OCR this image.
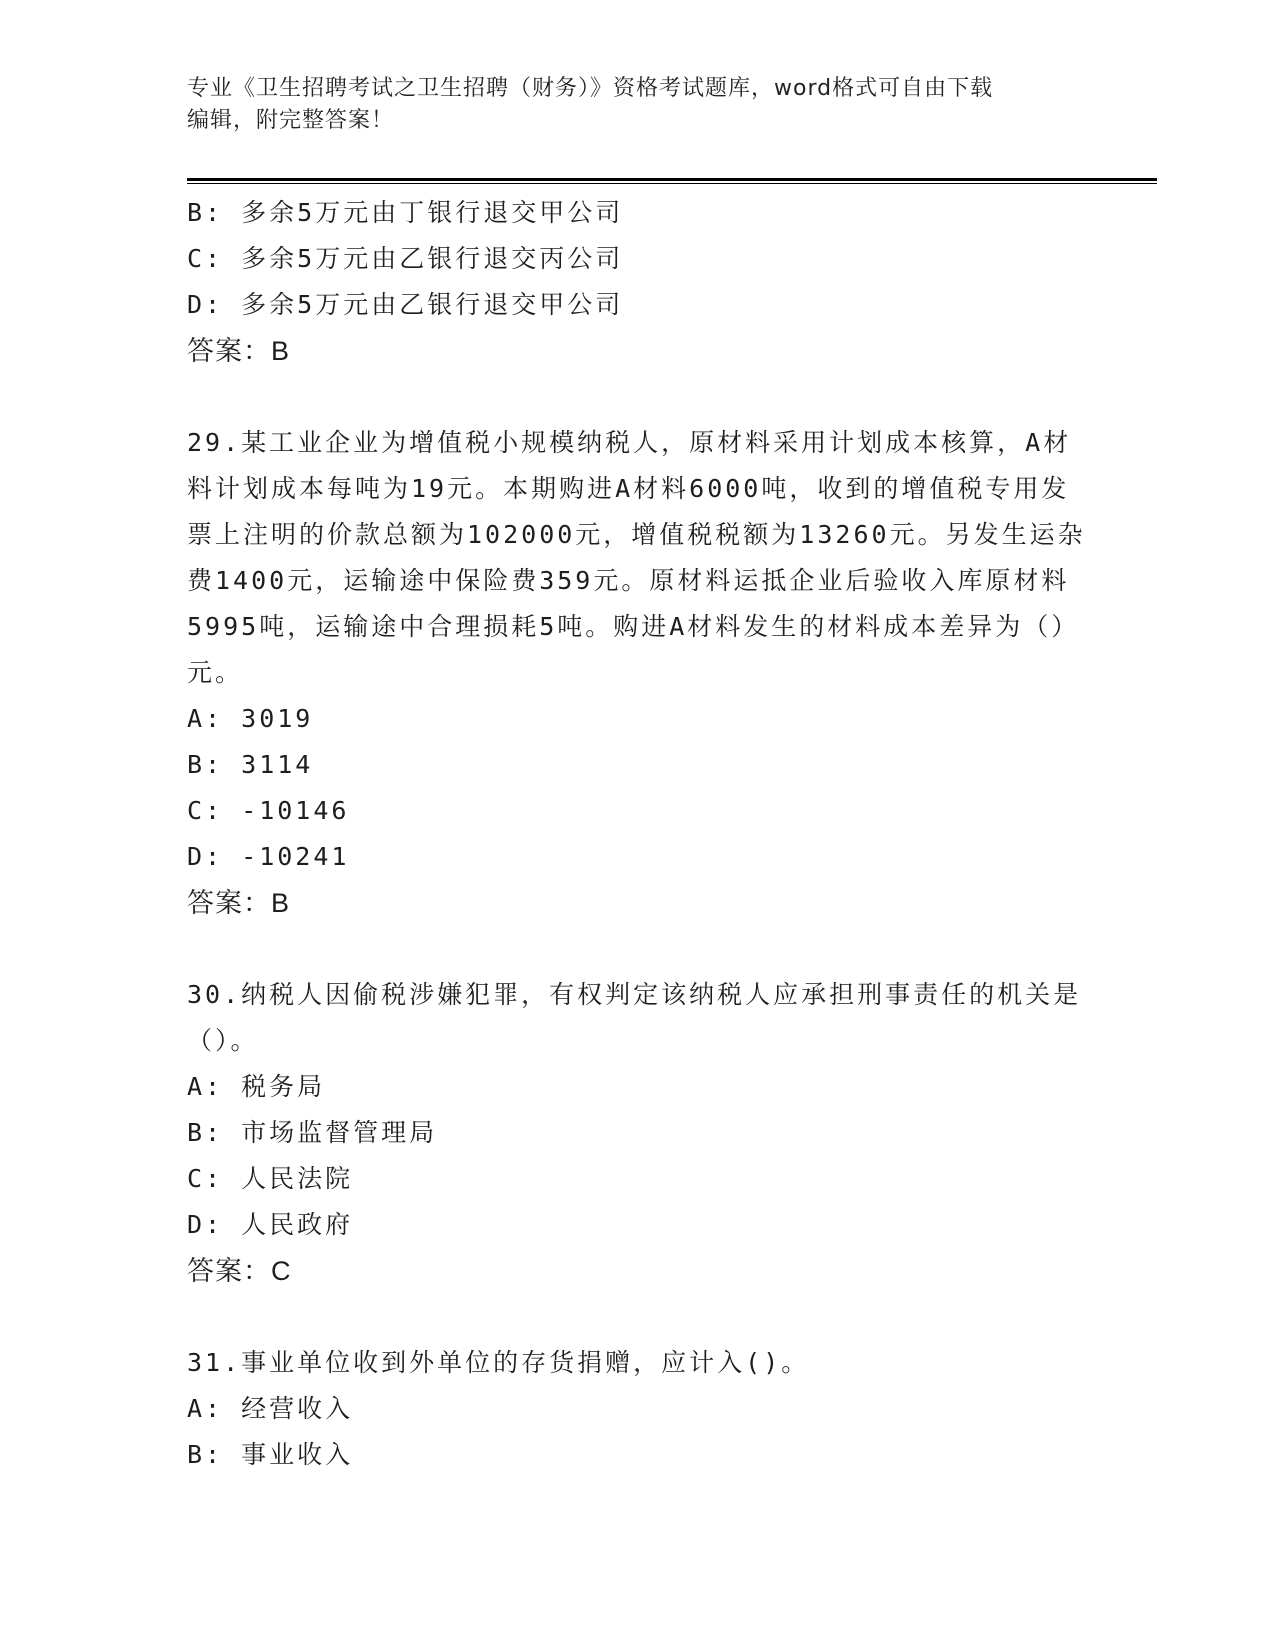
专业《卫生招聘考试之卫生招聘（财务）》资格考试题库，word格式可自由下载
编辑，附完整答案！
B: 多余5万元由丁银行退交甲公司
C: 多余5万元由乙银行退交丙公司
D: 多余5万元由乙银行退交甲公司
答案：B
29.某工业企业为增值税小规模纳税人，原材料采用计划成本核算，A材料计划成本每吨为19元。本期购进A材料6000吨，收到的增值税专用发票上注明的价款总额为102000元，增值税税额为13260元。另发生运杂费1400元，运输途中保险费359元。原材料运抵企业后验收入库原材料5995吨，运输途中合理损耗5吨。购进A材料发生的材料成本差异为（）元。
A: 3019
B: 3114
C: -10146
D: -10241
答案：B
30.纳税人因偷税涉嫌犯罪，有权判定该纳税人应承担刑事责任的机关是（）。
A: 税务局
B: 市场监督管理局
C: 人民法院
D: 人民政府
答案：C
31.事业单位收到外单位的存货捐赠，应计入()。
A: 经营收入
B: 事业收入
